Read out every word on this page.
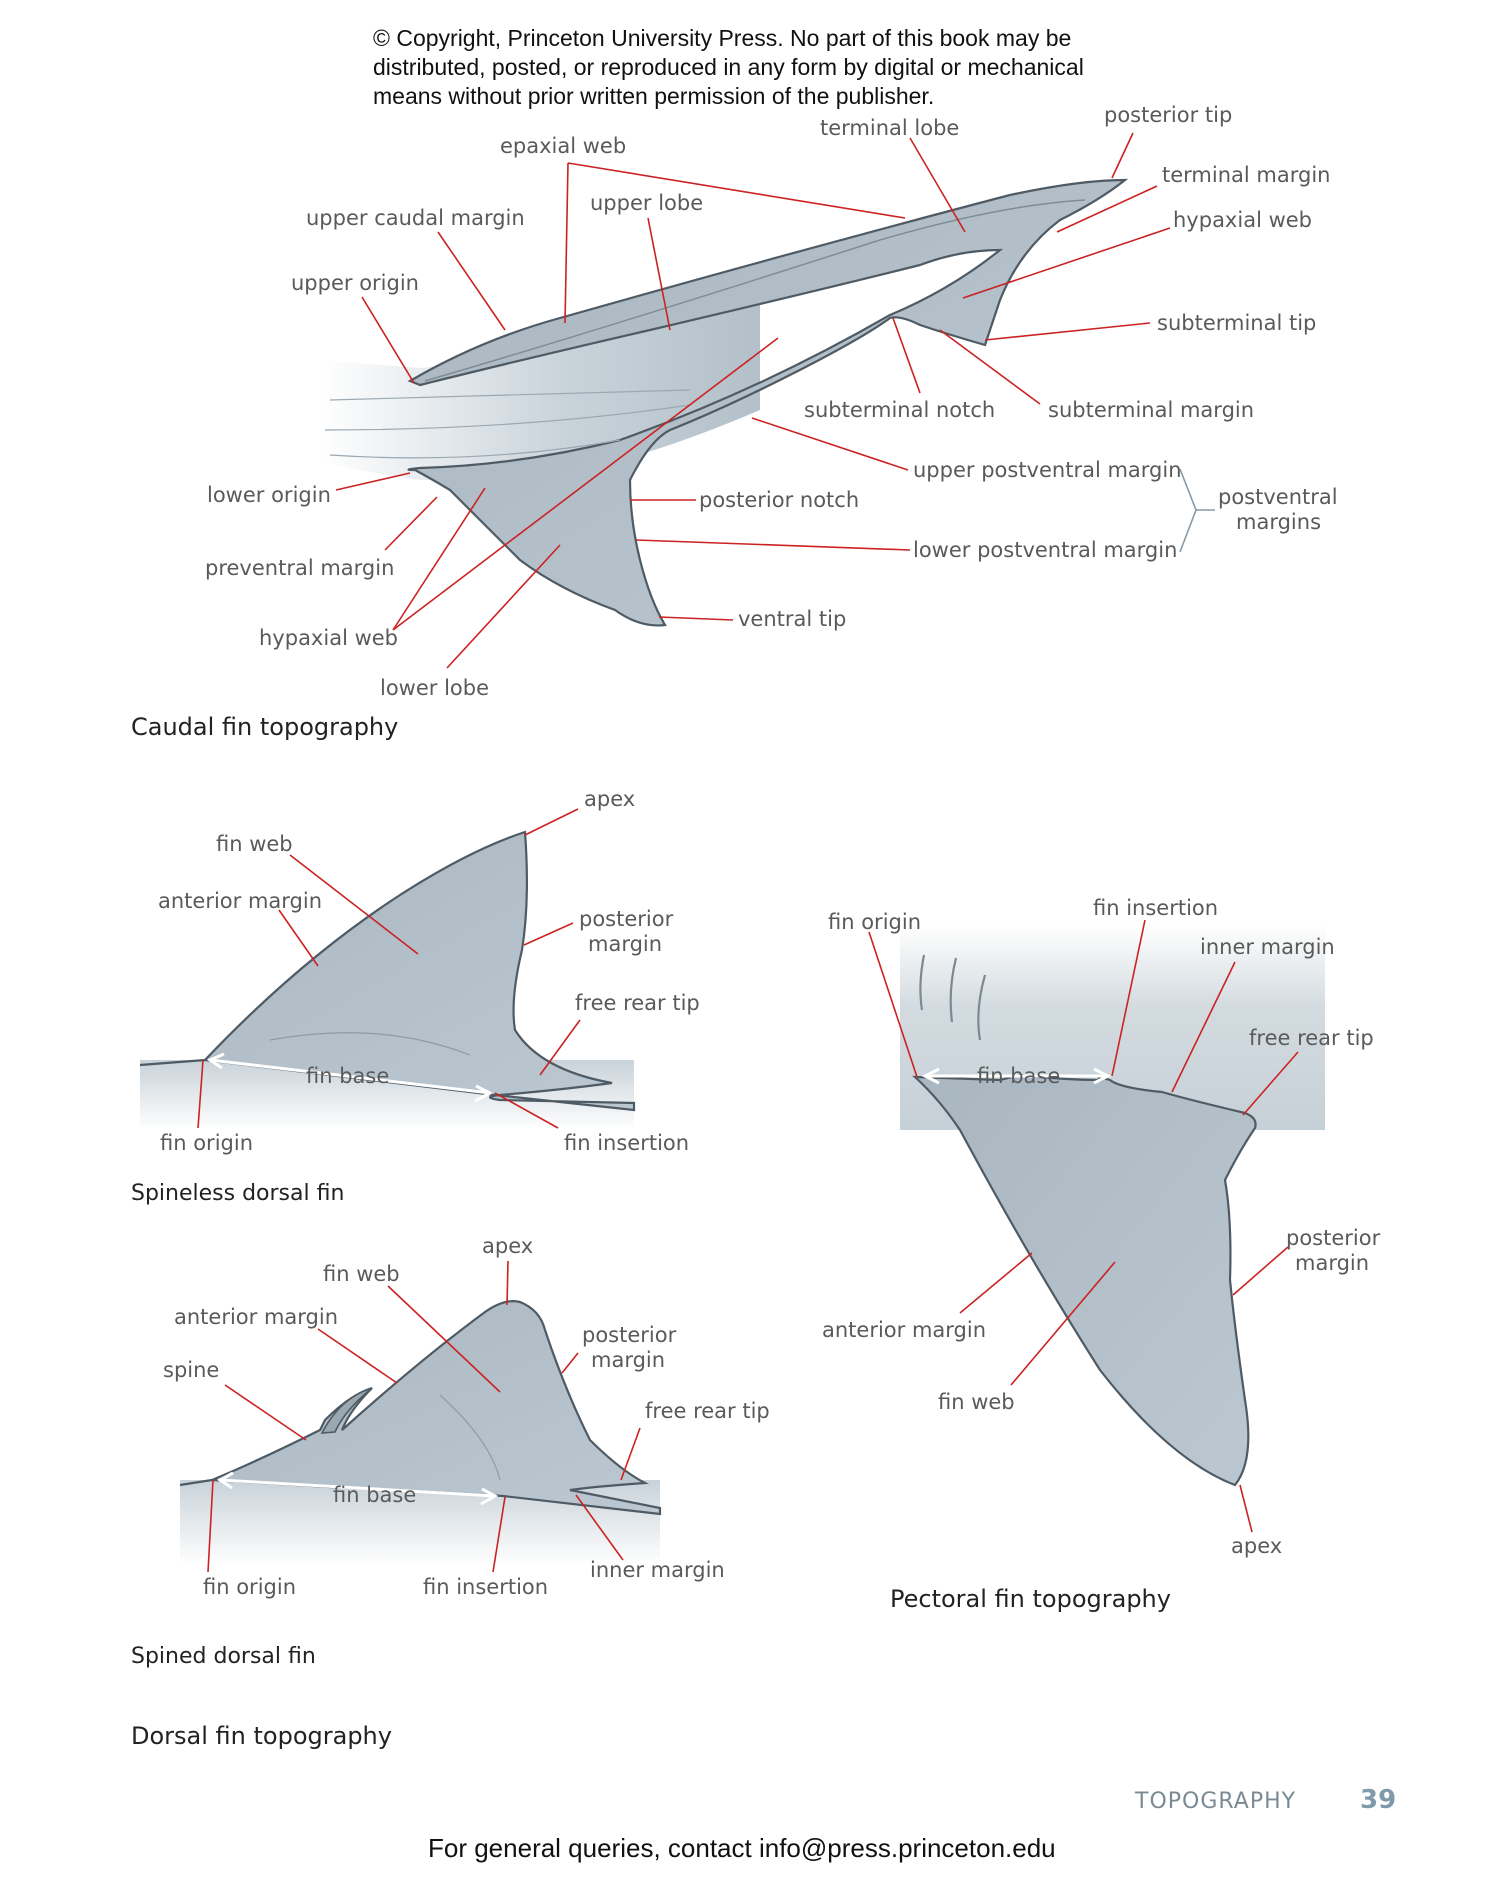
© Copyright, Princeton University Press. No part of this book may be
distributed, posted, or reproduced in any form by digital or mechanical
means without prior written permission of the publisher.

terminal lobe
posterior tip
epaxial web
terminal margin
upper caudal margin
upper lobe
hypaxial web
upper origin
subterminal tip
subterminal notch	subterminal margin
upper postventral margin
postventral
margins
lower origin	posterior notch
lower postventral margin
preventral margin
ventral tip
hypaxial web
lower lobe
apex
fin web
anterior margin
posterior
margin
free rear tip
fin base
fin origin	fin insertion
apex
fin web
anterior margin
posterior
margin
spine
free rear tip
fin base
fin origin	fin insertion
inner margin
fin origin
fin insertion
inner margin
free rear tip
fin base
posterior
margin
anterior margin
fin web
apex

Caudal fin topography

Spineless dorsal fin

Spined dorsal fin

Dorsal fin topography

Pectoral fin topography

TOPOGRAPHY 39

For general queries, contact info@press.princeton.edu
